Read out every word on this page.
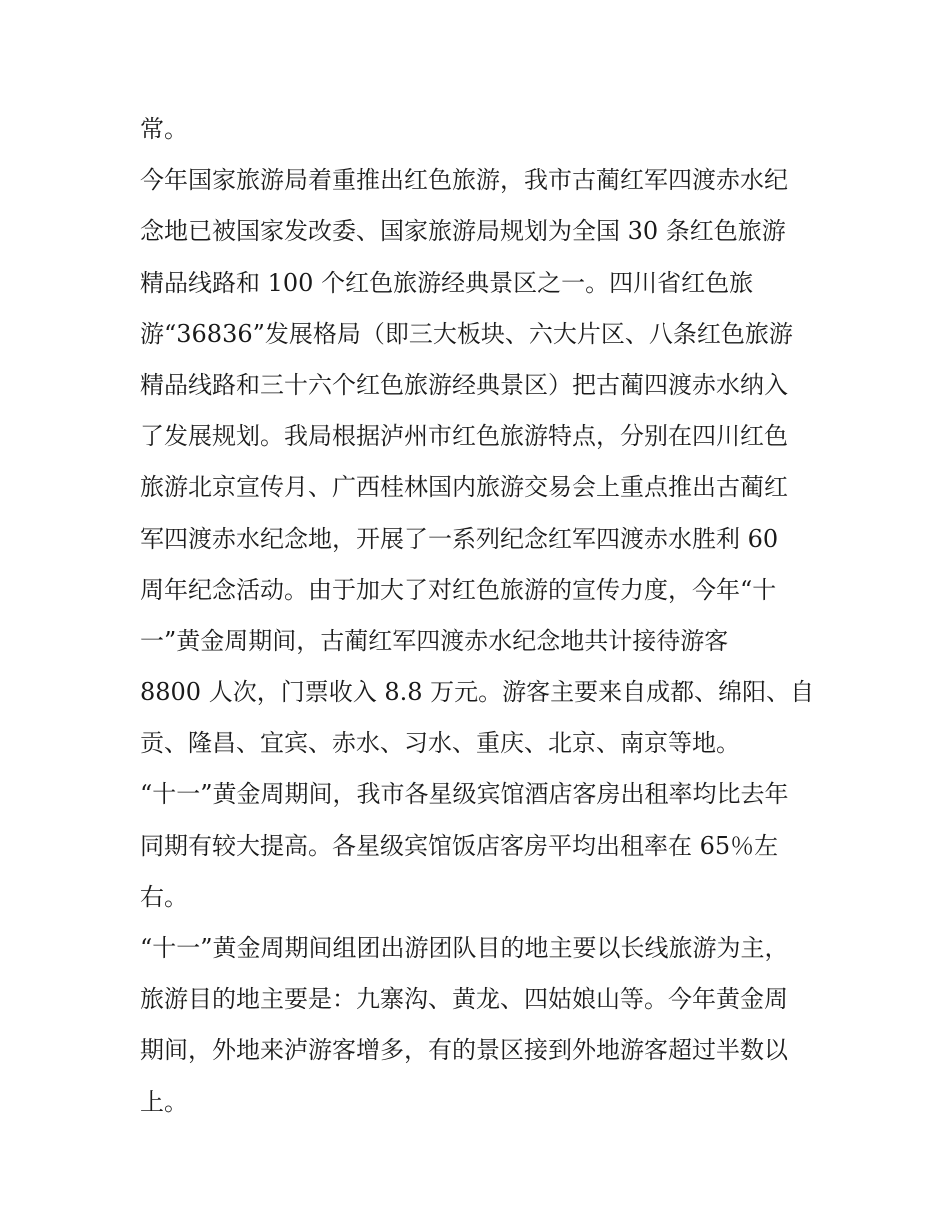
常。
今年国家旅游局着重推出红色旅游，我市古蔺红军四渡赤水纪
念地已被国家发改委、国家旅游局规划为全国 30 条红色旅游
精品线路和 100 个红色旅游经典景区之一。四川省红色旅
游“36836”发展格局（即三大板块、六大片区、八条红色旅游
精品线路和三十六个红色旅游经典景区）把古蔺四渡赤水纳入
了发展规划。我局根据泸州市红色旅游特点，分别在四川红色
旅游北京宣传月、广西桂林国内旅游交易会上重点推出古蔺红
军四渡赤水纪念地，开展了一系列纪念红军四渡赤水胜利 60
周年纪念活动。由于加大了对红色旅游的宣传力度，今年“十
一”黄金周期间，古蔺红军四渡赤水纪念地共计接待游客
8800 人次，门票收入 8.8 万元。游客主要来自成都、绵阳、自
贡、隆昌、宜宾、赤水、习水、重庆、北京、南京等地。
“十一”黄金周期间，我市各星级宾馆酒店客房出租率均比去年
同期有较大提高。各星级宾馆饭店客房平均出租率在 65％左
右。
“十一”黄金周期间组团出游团队目的地主要以长线旅游为主，
旅游目的地主要是：九寨沟、黄龙、四姑娘山等。今年黄金周
期间，外地来泸游客增多，有的景区接到外地游客超过半数以
上。
